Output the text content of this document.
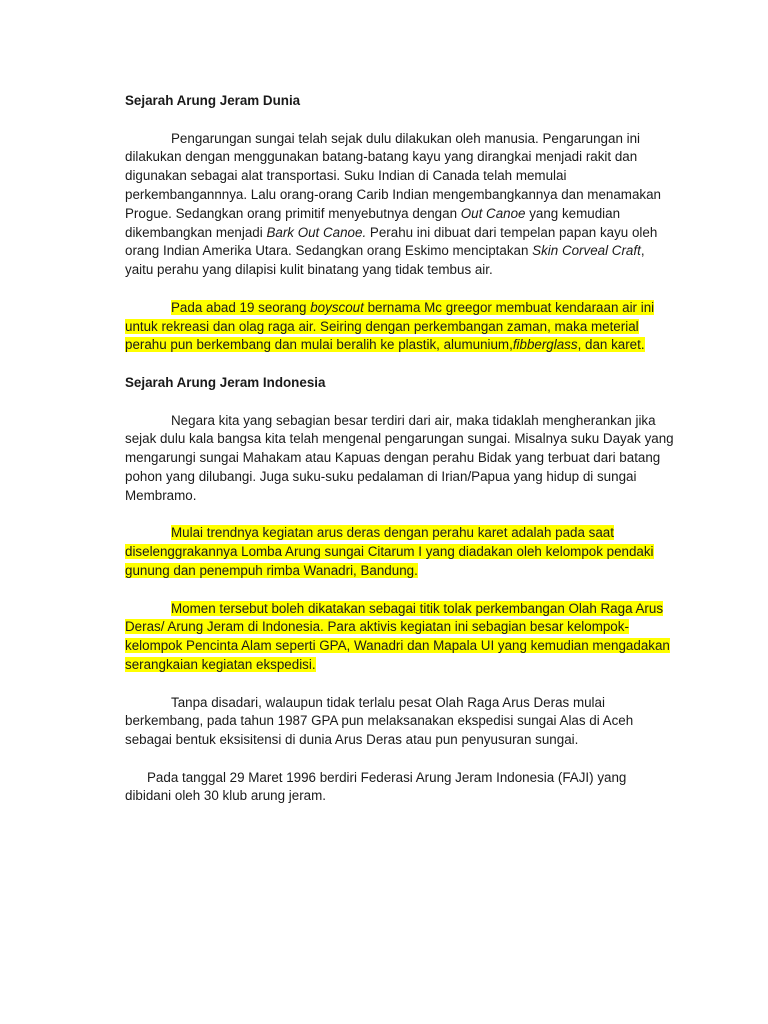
Sejarah Arung Jeram Dunia

Pengarungan sungai telah sejak dulu dilakukan oleh manusia. Pengarungan ini dilakukan dengan menggunakan batang-batang kayu yang dirangkai menjadi rakit dan digunakan sebagai alat transportasi. Suku Indian di Canada telah memulai perkembangannnya. Lalu orang-orang Carib Indian mengembangkannya dan menamakan Progue. Sedangkan orang primitif menyebutnya dengan Out Canoe yang kemudian dikembangkan menjadi Bark Out Canoe. Perahu ini dibuat dari tempelan papan kayu oleh orang Indian Amerika Utara. Sedangkan orang Eskimo menciptakan Skin Corveal Craft, yaitu perahu yang dilapisi kulit binatang yang tidak tembus air.

Pada abad 19 seorang boyscout bernama Mc greegor membuat kendaraan air ini untuk rekreasi dan olag raga air. Seiring dengan perkembangan zaman, maka meterial perahu pun berkembang dan mulai beralih ke plastik, alumunium,fibberglass, dan karet.

Sejarah Arung Jeram Indonesia

Negara kita yang sebagian besar terdiri dari air, maka tidaklah mengherankan jika sejak dulu kala bangsa kita telah mengenal pengarungan sungai. Misalnya suku Dayak yang mengarungi sungai Mahakam atau Kapuas dengan perahu Bidak yang terbuat dari batang pohon yang dilubangi. Juga suku-suku pedalaman di Irian/Papua yang hidup di sungai Membramo.

Mulai trendnya kegiatan arus deras dengan perahu karet adalah pada saat diselenggrakannya Lomba Arung sungai Citarum I yang diadakan oleh kelompok pendaki gunung dan penempuh rimba Wanadri, Bandung.

Momen tersebut boleh dikatakan sebagai titik tolak perkembangan Olah Raga Arus Deras/ Arung Jeram di Indonesia. Para aktivis kegiatan ini sebagian besar kelompok-kelompok Pencinta Alam seperti GPA, Wanadri dan Mapala UI yang kemudian mengadakan serangkaian kegiatan ekspedisi.

Tanpa disadari, walaupun tidak terlalu pesat Olah Raga Arus Deras mulai berkembang, pada tahun 1987 GPA pun melaksanakan ekspedisi sungai Alas di Aceh sebagai bentuk eksisitensi di dunia Arus Deras atau pun penyusuran sungai.

Pada tanggal 29 Maret 1996 berdiri Federasi Arung Jeram Indonesia (FAJI) yang dibidani oleh 30 klub arung jeram.
